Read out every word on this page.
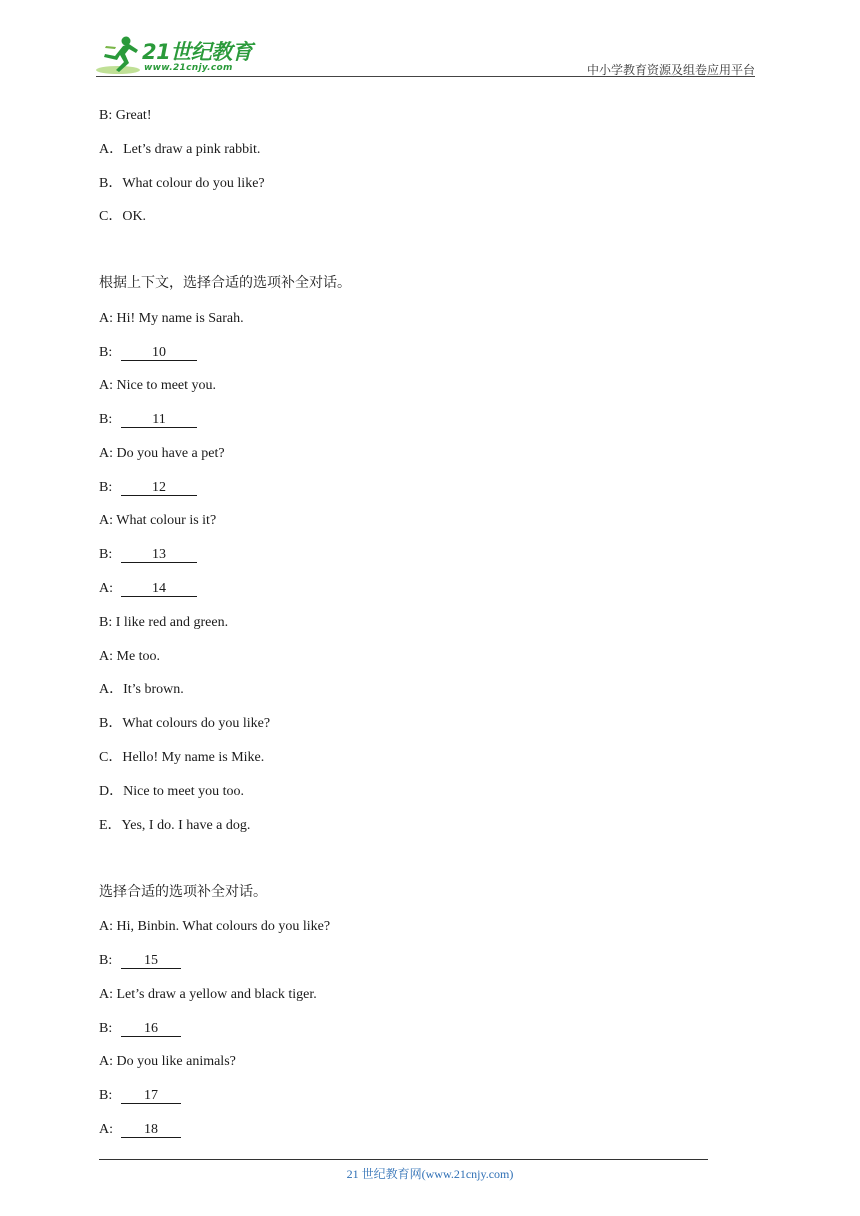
21世纪教育
www.21cnjy.com	中小学教育资源及组卷应用平台
B: Great!
A．Let’s draw a pink rabbit.
B．What colour do you like?
C．OK.
根据上下文，选择合适的选项补全对话。
A: Hi! My name is Sarah.
B:	10
A: Nice to meet you.
B:	11
A: Do you have a pet?
B:	12
A: What colour is it?
B:	13
A:	14
B: I like red and green.
A: Me too.
A．It’s brown.
B．What colours do you like?
C．Hello! My name is Mike.
D．Nice to meet you too.
E．Yes, I do. I have a dog.
选择合适的选项补全对话。
A: Hi, Binbin. What colours do you like?
B: 15
A: Let’s draw a yellow and black tiger.
B: 16
A: Do you like animals?
B: 17
A: 18
21 世纪教育网(www.21cnjy.com)
